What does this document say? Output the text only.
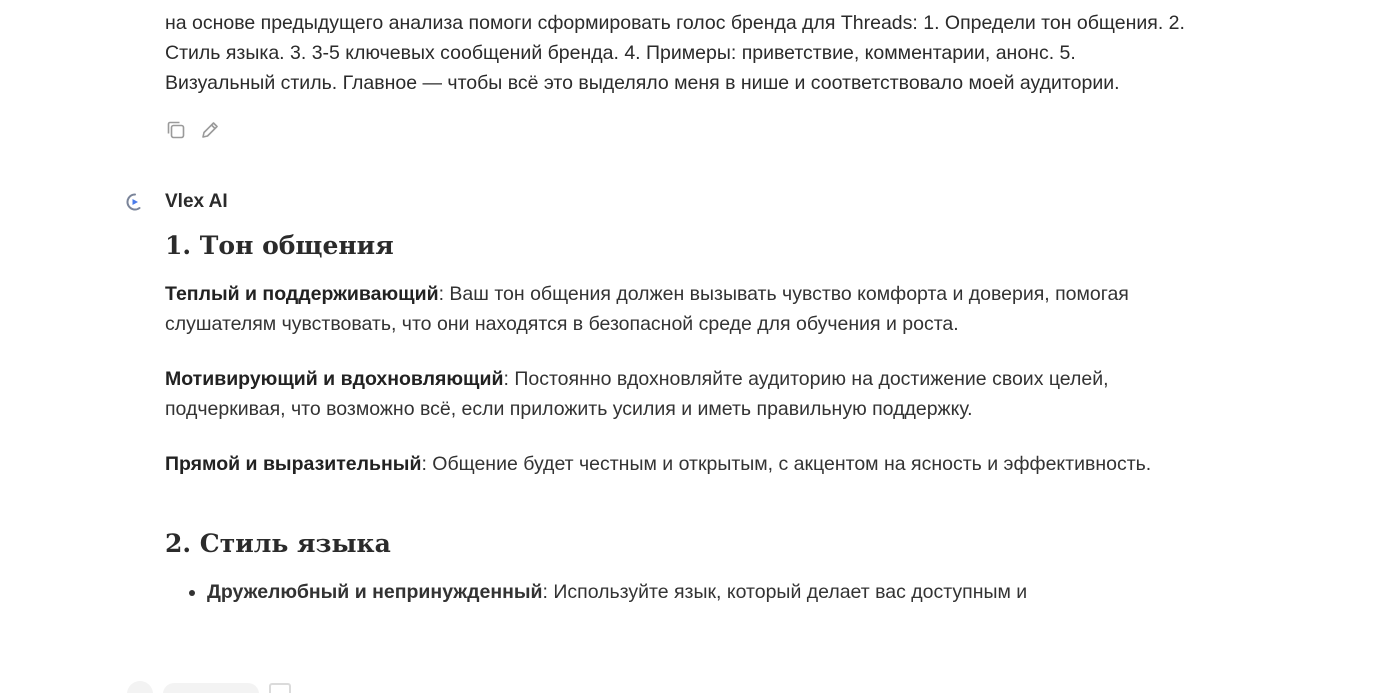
на основе предыдущего анализа помоги сформировать голос бренда для Threads: 1. Определи тон общения. 2. Стиль языка. 3. 3-5 ключевых сообщений бренда. 4. Примеры: приветствие, комментарии, анонс. 5. Визуальный стиль. Главное — чтобы всё это выделяло меня в нише и соответствовало моей аудитории.

Vlex AI
1. Тон общения

Теплый и поддерживающий: Ваш тон общения должен вызывать чувство комфорта и доверия, помогая слушателям чувствовать, что они находятся в безопасной среде для обучения и роста.

Мотивирующий и вдохновляющий: Постоянно вдохновляйте аудиторию на достижение своих целей, подчеркивая, что возможно всё, если приложить усилия и иметь правильную поддержку.

Прямой и выразительный: Общение будет честным и открытым, с акцентом на ясность и эффективность.

2. Стиль языка
• Дружелюбный и непринужденный: Используйте язык, который делает вас доступным и
